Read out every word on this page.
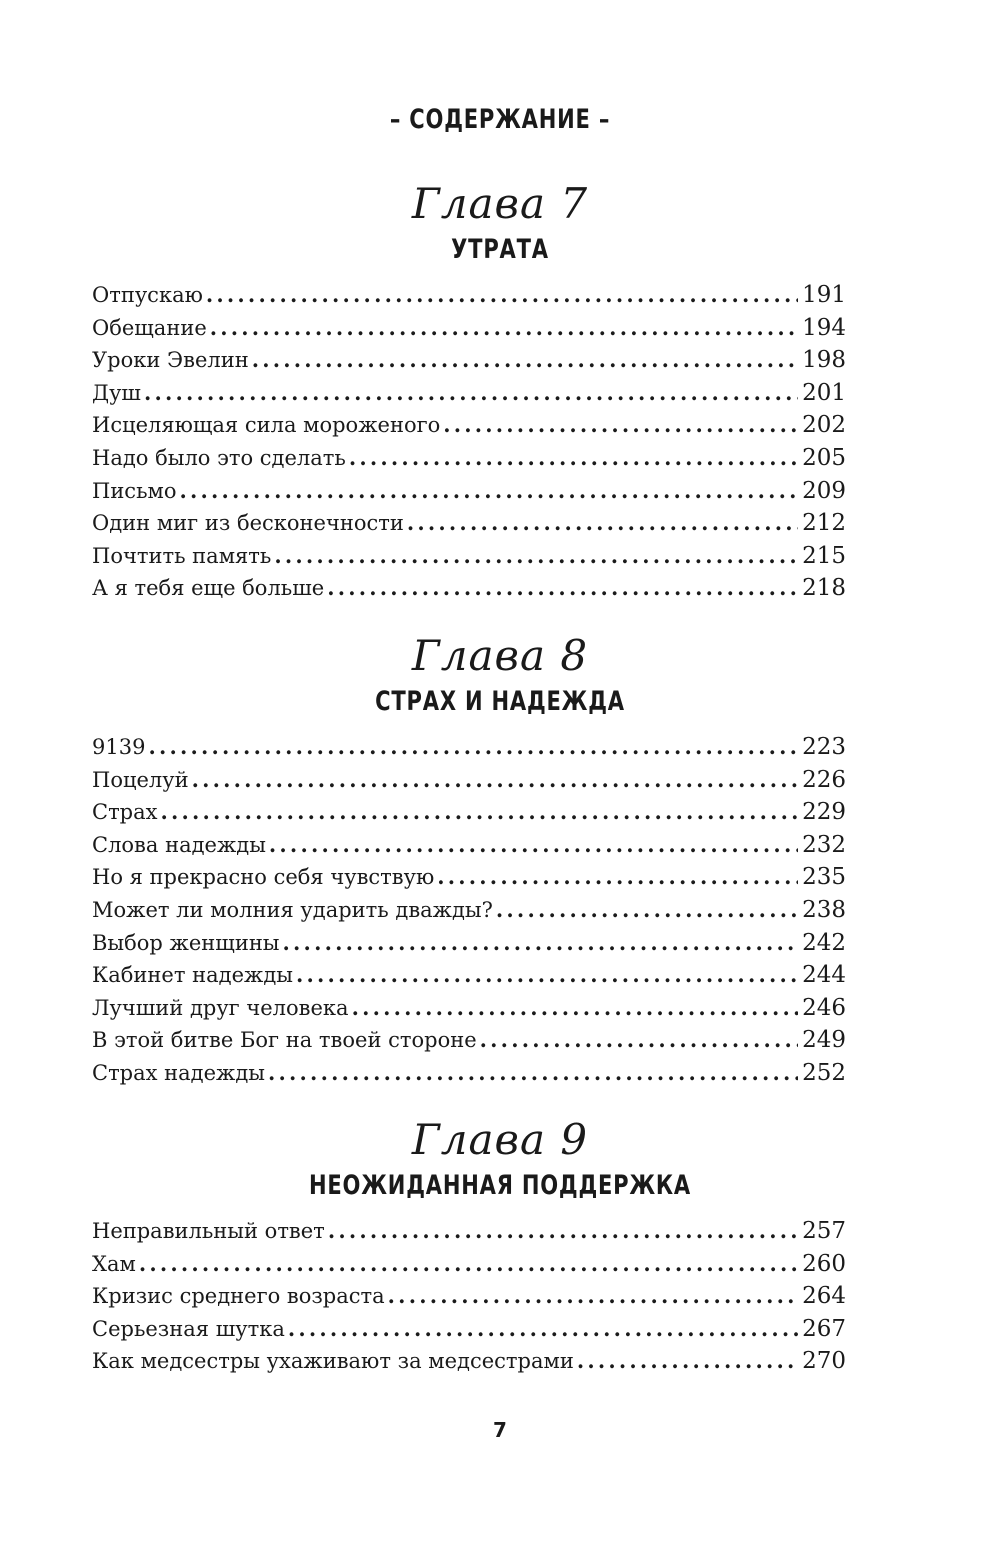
– СОДЕРЖАНИЕ –
Глава 7
УТРАТА
Отпускаю .....	191
Обещание .....	194
Уроки Эвелин .....	198
Душ .....	201
Исцеляющая сила мороженого .....	202
Надо было это сделать .....	205
Письмо .....	209
Один миг из бесконечности .....	212
Почтить память .....	215
А я тебя еще больше .....	218
Глава 8
СТРАХ И НАДЕЖДА
9139 .....	223
Поцелуй .....	226
Страх .....	229
Слова надежды .....	232
Но я прекрасно себя чувствую .....	235
Может ли молния ударить дважды? .....	238
Выбор женщины .....	242
Кабинет надежды .....	244
Лучший друг человека .....	246
В этой битве Бог на твоей стороне .....	249
Страх надежды .....	252
Глава 9
НЕОЖИДАННАЯ ПОДДЕРЖКА
Неправильный ответ .....	257
Хам .....	260
Кризис среднего возраста .....	264
Серьезная шутка .....	267
Как медсестры ухаживают за медсестрами .....	270
7
